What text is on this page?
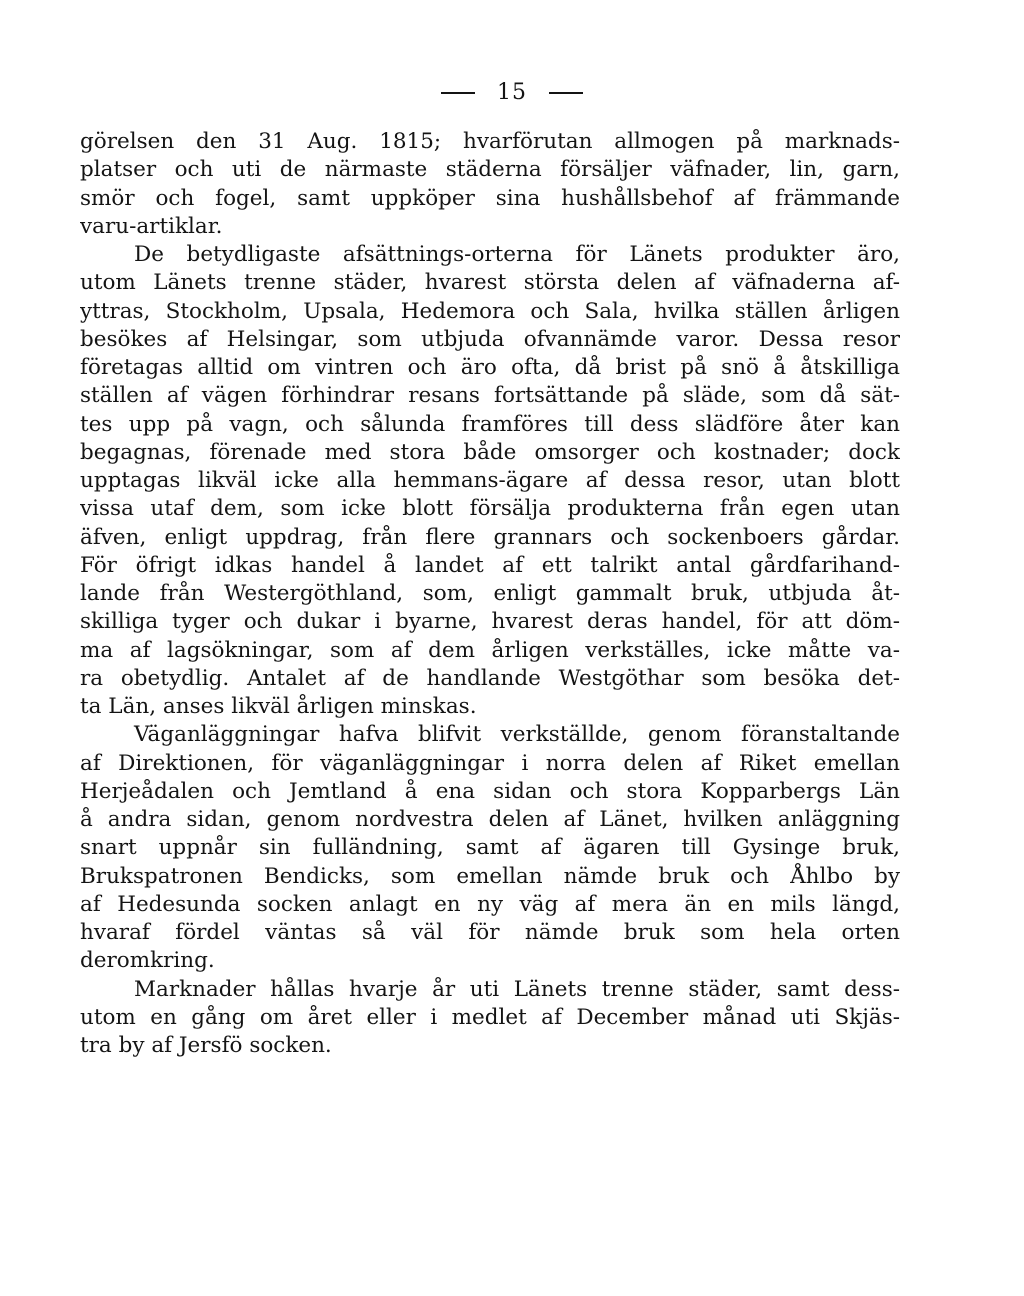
15
görelsen den 31 Aug. 1815; hvarförutan allmogen på marknads-
platser och uti de närmaste städerna försäljer väfnader, lin, garn,
smör och fogel, samt uppköper sina hushållsbehof af främmande
varu-artiklar.
De betydligaste afsättnings-orterna för Länets produkter äro,
utom Länets trenne städer, hvarest största delen af väfnaderna af-
yttras, Stockholm, Upsala, Hedemora och Sala, hvilka ställen årligen
besökes af Helsingar, som utbjuda ofvannämde varor. Dessa resor
företagas alltid om vintren och äro ofta, då brist på snö å åtskilliga
ställen af vägen förhindrar resans fortsättande på släde, som då sät-
tes upp på vagn, och sålunda framföres till dess slädföre åter kan
begagnas, förenade med stora både omsorger och kostnader; dock
upptagas likväl icke alla hemmans-ägare af dessa resor, utan blott
vissa utaf dem, som icke blott försälja produkterna från egen utan
äfven, enligt uppdrag, från flere grannars och sockenboers gårdar.
För öfrigt idkas handel å landet af ett talrikt antal gårdfarihand-
lande från Westergöthland, som, enligt gammalt bruk, utbjuda åt-
skilliga tyger och dukar i byarne, hvarest deras handel, för att döm-
ma af lagsökningar, som af dem årligen verkställes, icke måtte va-
ra obetydlig. Antalet af de handlande Westgöthar som besöka det-
ta Län, anses likväl årligen minskas.
Väganläggningar hafva blifvit verkställde, genom föranstaltande
af Direktionen, för väganläggningar i norra delen af Riket emellan
Herjeådalen och Jemtland å ena sidan och stora Kopparbergs Län
å andra sidan, genom nordvestra delen af Länet, hvilken anläggning
snart uppnår sin fulländning, samt af ägaren till Gysinge bruk,
Brukspatronen Bendicks, som emellan nämde bruk och Åhlbo by
af Hedesunda socken anlagt en ny väg af mera än en mils längd,
hvaraf fördel väntas så väl för nämde bruk som hela orten
deromkring.
Marknader hållas hvarje år uti Länets trenne städer, samt dess-
utom en gång om året eller i medlet af December månad uti Skjäs-
tra by af Jersfö socken.
